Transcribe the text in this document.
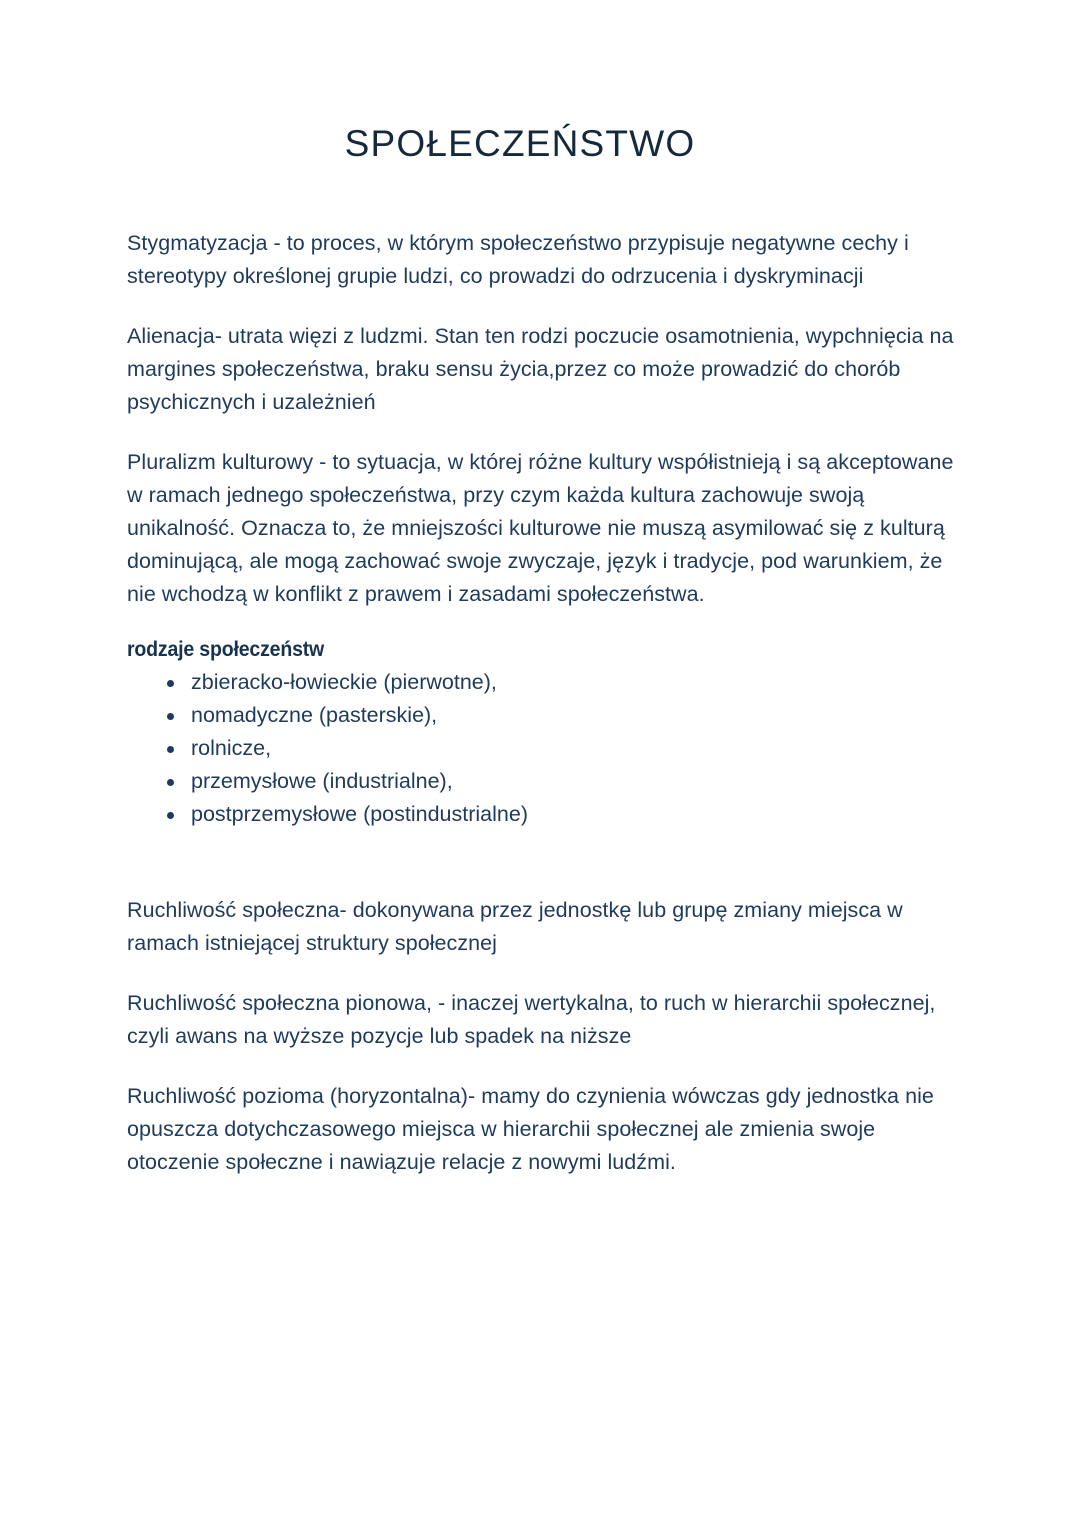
SPOŁECZEŃSTWO

Stygmatyzacja - to proces, w którym społeczeństwo przypisuje negatywne cechy i stereotypy określonej grupie ludzi, co prowadzi do odrzucenia i dyskryminacji

Alienacja- utrata więzi z ludzmi. Stan ten rodzi poczucie osamotnienia, wypchnięcia na margines społeczeństwa, braku sensu życia,przez co może prowadzić do chorób psychicznych i uzależnień

Pluralizm kulturowy - to sytuacja, w której różne kultury współistnieją i są akceptowane w ramach jednego społeczeństwa, przy czym każda kultura zachowuje swoją unikalność. Oznacza to, że mniejszości kulturowe nie muszą asymilować się z kulturą dominującą, ale mogą zachować swoje zwyczaje, język i tradycje, pod warunkiem, że nie wchodzą w konflikt z prawem i zasadami społeczeństwa.

rodzaje społeczeństw
zbieracko-łowieckie (pierwotne),
nomadyczne (pasterskie),
rolnicze,
przemysłowe (industrialne),
postprzemysłowe (postindustrialne)

Ruchliwość społeczna- dokonywana przez jednostkę lub grupę zmiany miejsca w ramach istniejącej struktury społecznej

Ruchliwość społeczna pionowa, - inaczej wertykalna, to ruch w hierarchii społecznej, czyli awans na wyższe pozycje lub spadek na niższe

Ruchliwość pozioma (horyzontalna)- mamy do czynienia wówczas gdy jednostka nie opuszcza dotychczasowego miejsca w hierarchii społecznej ale zmienia swoje otoczenie społeczne i nawiązuje relacje z nowymi ludźmi.
